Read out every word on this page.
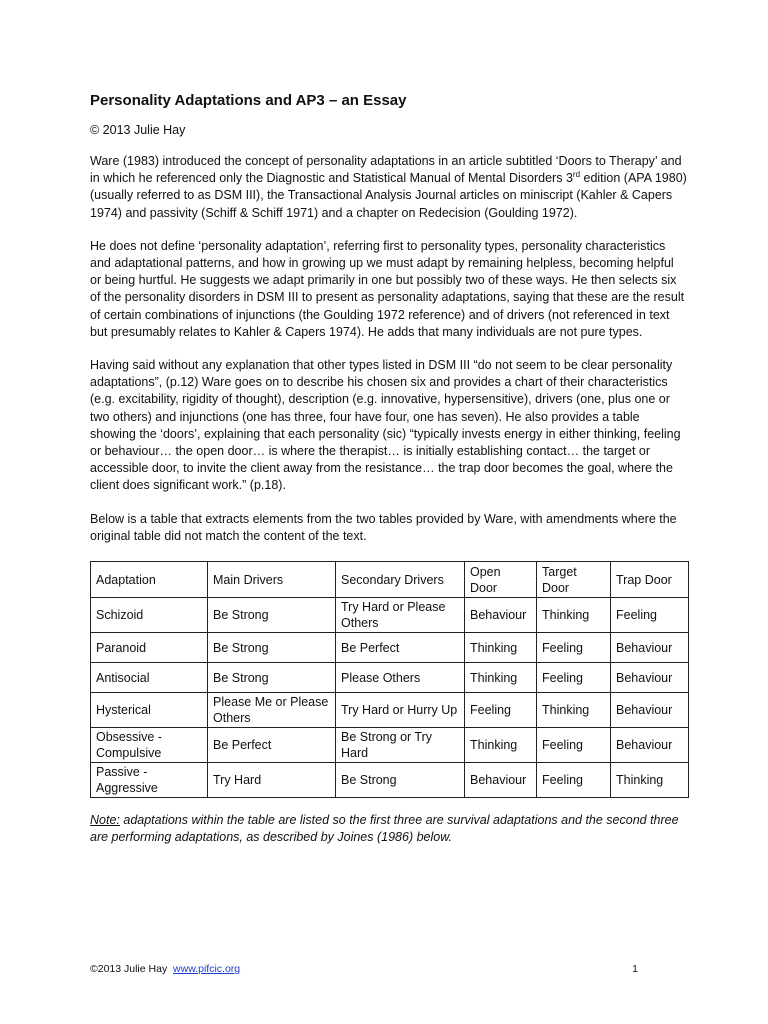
Personality Adaptations and AP3 – an Essay
© 2013 Julie Hay

Ware (1983) introduced the concept of personality adaptations in an article subtitled ‘Doors to Therapy’ and in which he referenced only the Diagnostic and Statistical Manual of Mental Disorders 3rd edition (APA 1980) (usually referred to as DSM III), the Transactional Analysis Journal articles on miniscript (Kahler & Capers 1974) and passivity (Schiff & Schiff 1971) and a chapter on Redecision (Goulding 1972).

He does not define ‘personality adaptation’, referring first to personality types, personality characteristics and adaptational patterns, and how in growing up we must adapt by remaining helpless, becoming helpful or being hurtful. He suggests we adapt primarily in one but possibly two of these ways. He then selects six of the personality disorders in DSM III to present as personality adaptations, saying that these are the result of certain combinations of injunctions (the Goulding 1972 reference) and of drivers (not referenced in text but presumably relates to Kahler & Capers 1974). He adds that many individuals are not pure types.

Having said without any explanation that other types listed in DSM III “do not seem to be clear personality adaptations”, (p.12) Ware goes on to describe his chosen six and provides a chart of their characteristics (e.g. excitability, rigidity of thought), description (e.g. innovative, hypersensitive), drivers (one, plus one or two others) and injunctions (one has three, four have four, one has seven). He also provides a table showing the ‘doors’, explaining that each personality (sic) “typically invests energy in either thinking, feeling or behaviour… the open door… is where the therapist… is initially establishing contact… the target or accessible door, to invite the client away from the resistance… the trap door becomes the goal, where the client does significant work.” (p.18).

Below is a table that extracts elements from the two tables provided by Ware, with amendments where the original table did not match the content of the text.

Adaptation	Main Drivers	Secondary Drivers	Open Door	Target Door	Trap Door
Schizoid	Be Strong	Try Hard or Please Others	Behaviour	Thinking	Feeling
Paranoid	Be Strong	Be Perfect	Thinking	Feeling	Behaviour
Antisocial	Be Strong	Please Others	Thinking	Feeling	Behaviour
Hysterical	Please Me or Please Others	Try Hard or Hurry Up	Feeling	Thinking	Behaviour
Obsessive - Compulsive	Be Perfect	Be Strong or Try Hard	Thinking	Feeling	Behaviour
Passive - Aggressive	Try Hard	Be Strong	Behaviour	Feeling	Thinking
Note: adaptations within the table are listed so the first three are survival adaptations and the second three are performing adaptations, as described by Joines (1986) below.
©2013 Julie Hay www.pifcic.org	1
